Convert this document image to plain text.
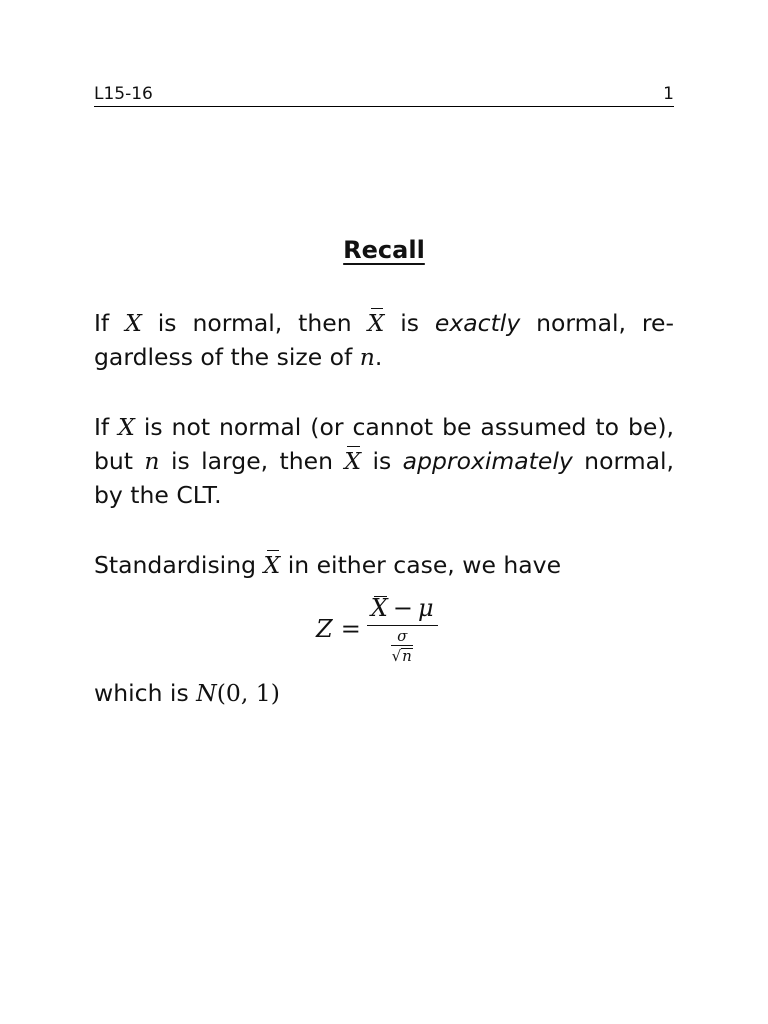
L15-16	1
Recall
If X is normal, then X is exactly normal, re-gardless of the size of n.
If X is not normal (or cannot be assumed to be), but n is large, then X is approximately normal, by the CLT.
Standardising X in either case, we have
Z = X − μ
σ
√ n
which is N(0, 1)
